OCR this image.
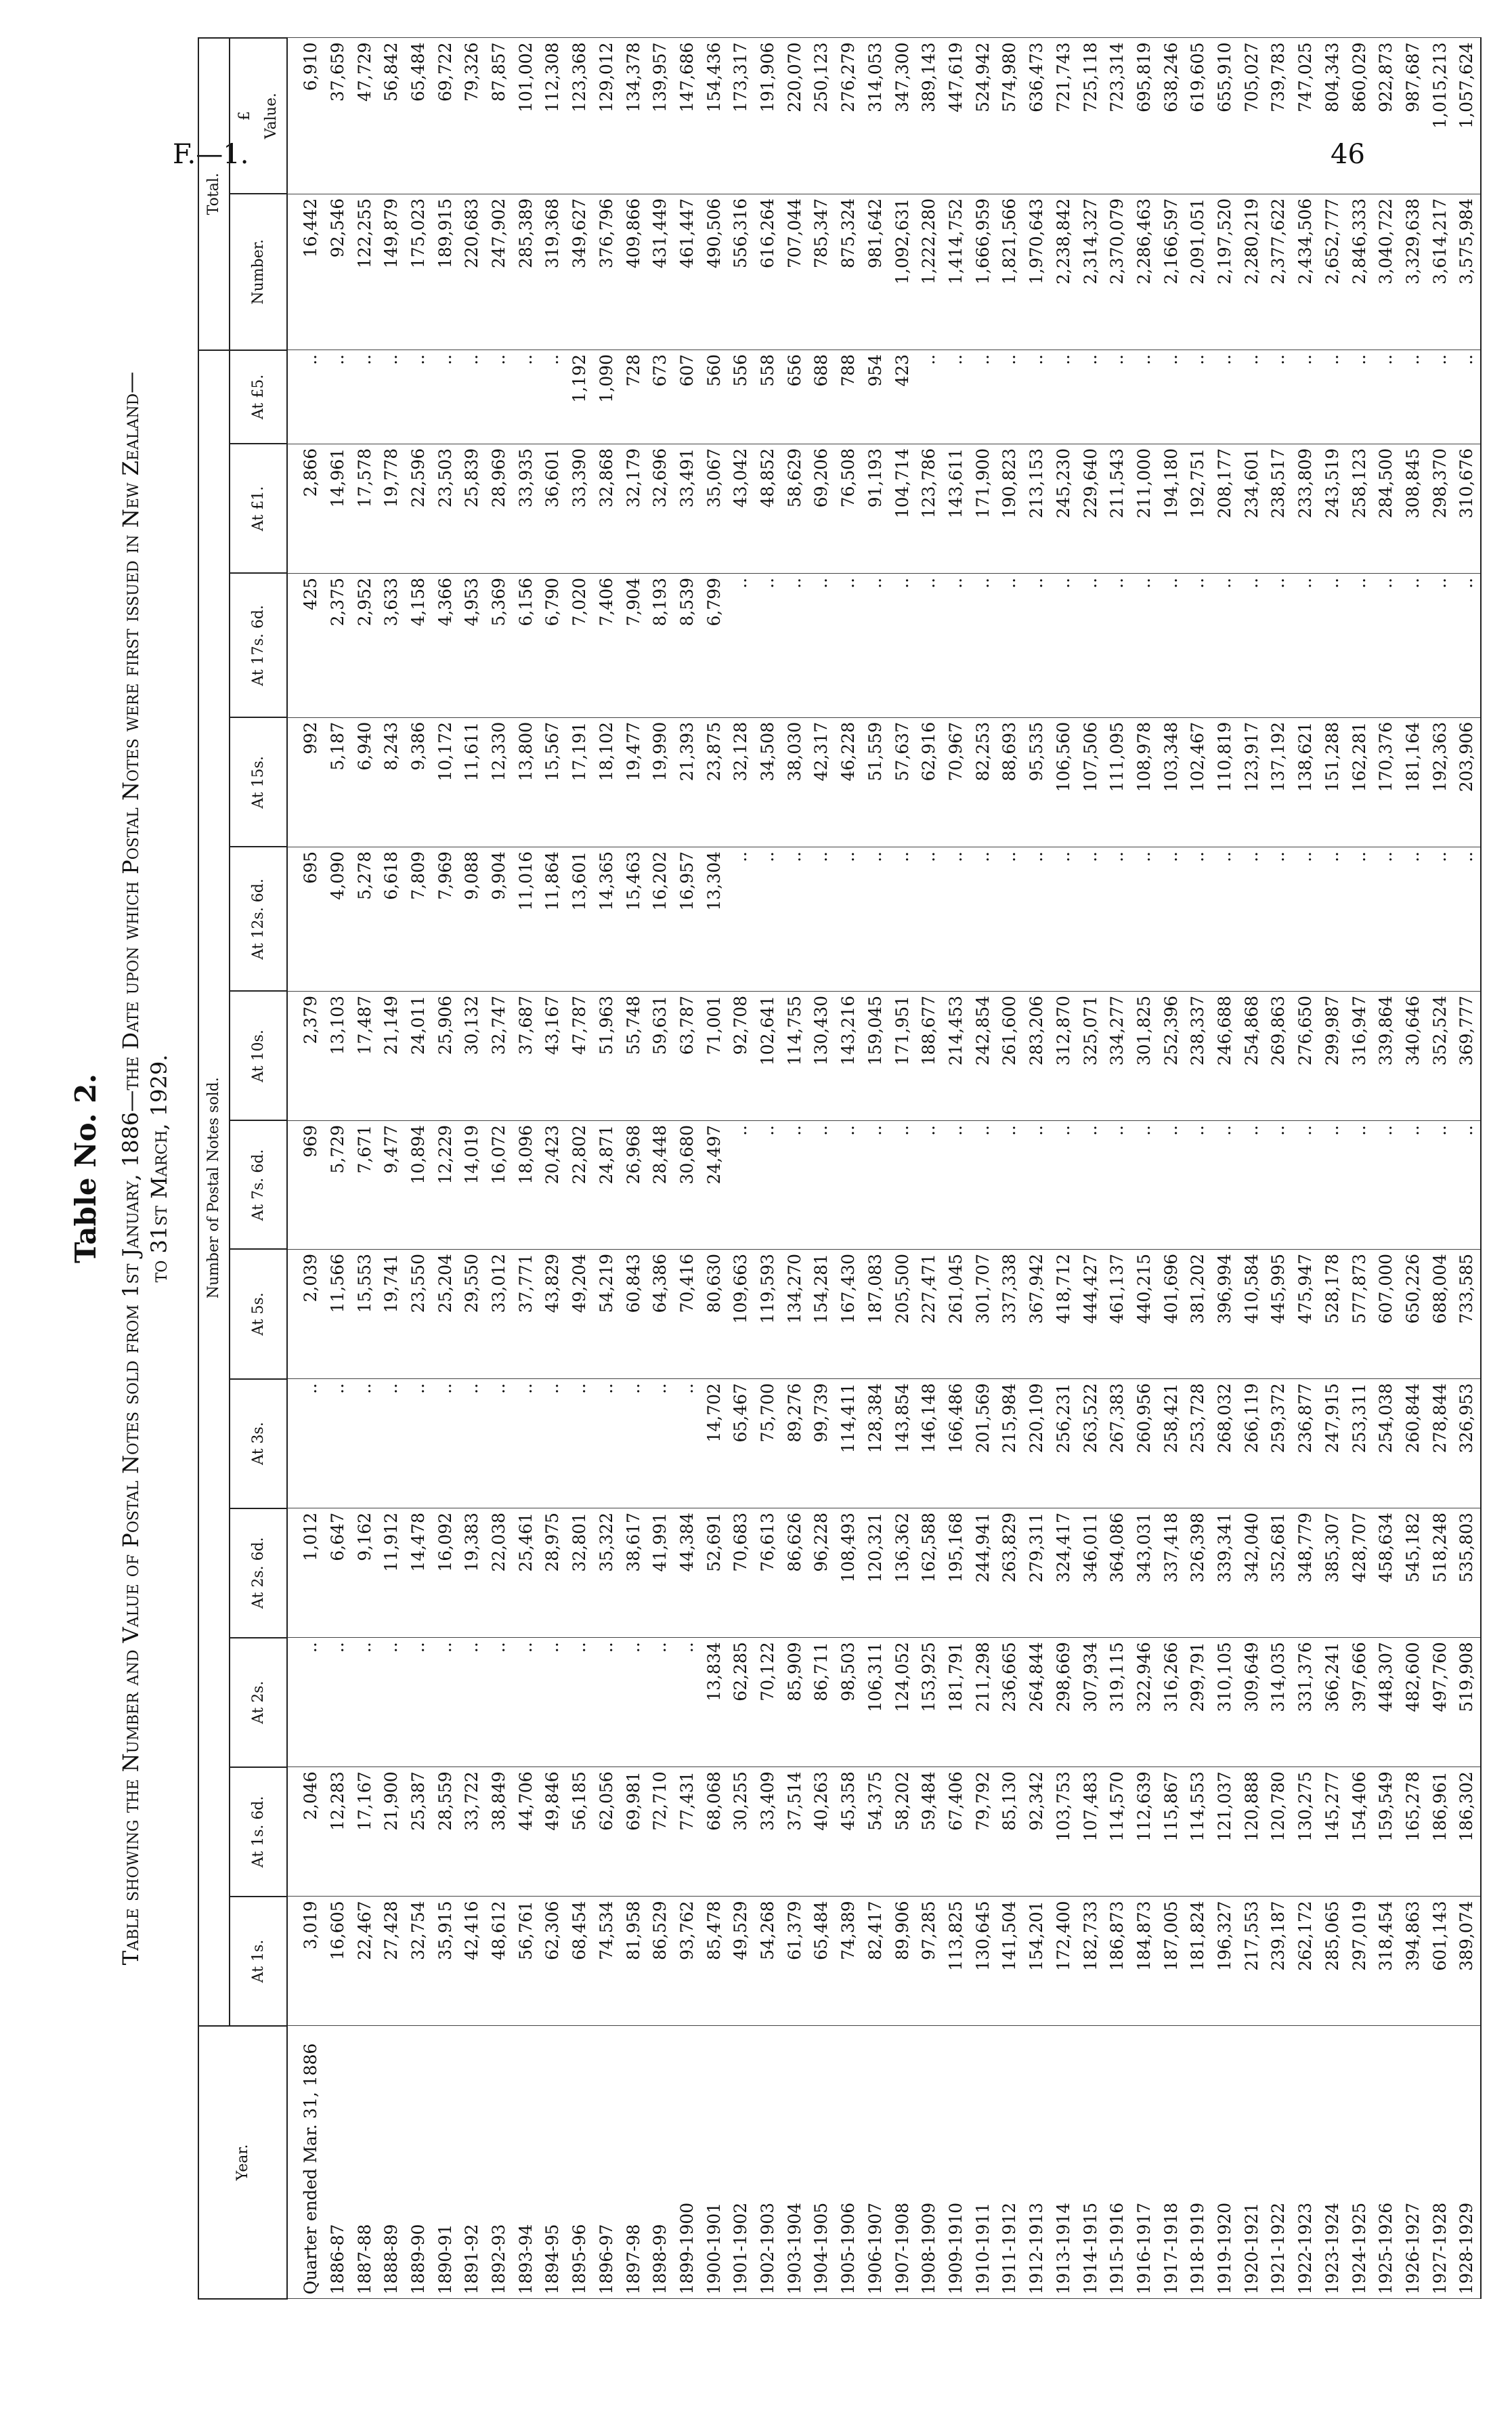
F.—1.	46
Table No. 2. Table showing the Number and Value of Postal Notes sold from 1st January, 1886—the Date upon which Postal Notes were first issued in New Zealand— to 31st March, 1929.
Year.	Number of Postal Notes sold.													Total.	
	At 1s.	At 1s. 6d.	At 2s.	At 2s. 6d.	At 3s.	At 5s.	At 7s. 6d.	At 10s.	At 12s. 6d.	At 15s.	At 17s. 6d.	At £1.	At £5.	Number.	£ Value.
Quarter ended Mar. 31, 1886	3,019	2,046	..	1,012	..	2,039	969	2,379	695	992	425	2,866	..	16,442	6,910
1886-87	16,605	12,283	..	6,647	..	11,566	5,729	13,103	4,090	5,187	2,375	14,961	..	92,546	37,659
1887-88	22,467	17,167	..	9,162	..	15,553	7,671	17,487	5,278	6,940	2,952	17,578	..	122,255	47,729
1888-89	27,428	21,900	..	11,912	..	19,741	9,477	21,149	6,618	8,243	3,633	19,778	..	149,879	56,842
1889-90	32,754	25,387	..	14,478	..	23,550	10,894	24,011	7,809	9,386	4,158	22,596	..	175,023	65,484
1890-91	35,915	28,559	..	16,092	..	25,204	12,229	25,906	7,969	10,172	4,366	23,503	..	189,915	69,722
1891-92	42,416	33,722	..	19,383	..	29,550	14,019	30,132	9,088	11,611	4,953	25,839	..	220,683	79,326
1892-93	48,612	38,849	..	22,038	..	33,012	16,072	32,747	9,904	12,330	5,369	28,969	..	247,902	87,857
1893-94	56,761	44,706	..	25,461	..	37,771	18,096	37,687	11,016	13,800	6,156	33,935	..	285,389	101,002
1894-95	62,306	49,846	..	28,975	..	43,829	20,423	43,167	11,864	15,567	6,790	36,601	..	319,368	112,308
1895-96	68,454	56,185	..	32,801	..	49,204	22,802	47,787	13,601	17,191	7,020	33,390	1,192	349,627	123,368
1896-97	74,534	62,056	..	35,322	..	54,219	24,871	51,963	14,365	18,102	7,406	32,868	1,090	376,796	129,012
1897-98	81,958	69,981	..	38,617	..	60,843	26,968	55,748	15,463	19,477	7,904	32,179	728	409,866	134,378
1898-99	86,529	72,710	..	41,991	..	64,386	28,448	59,631	16,202	19,990	8,193	32,696	673	431,449	139,957
1899-1900	93,762	77,431	..	44,384	..	70,416	30,680	63,787	16,957	21,393	8,539	33,491	607	461,447	147,686
1900-1901	85,478	68,068	13,834	52,691	14,702	80,630	24,497	71,001	13,304	23,875	6,799	35,067	560	490,506	154,436
1901-1902	49,529	30,255	62,285	70,683	65,467	109,663	..	92,708	..	32,128	..	43,042	556	556,316	173,317
1902-1903	54,268	33,409	70,122	76,613	75,700	119,593	..	102,641	..	34,508	..	48,852	558	616,264	191,906
1903-1904	61,379	37,514	85,909	86,626	89,276	134,270	..	114,755	..	38,030	..	58,629	656	707,044	220,070
1904-1905	65,484	40,263	86,711	96,228	99,739	154,281	..	130,430	..	42,317	..	69,206	688	785,347	250,123
1905-1906	74,389	45,358	98,503	108,493	114,411	167,430	..	143,216	..	46,228	..	76,508	788	875,324	276,279
1906-1907	82,417	54,375	106,311	120,321	128,384	187,083	..	159,045	..	51,559	..	91,193	954	981,642	314,053
1907-1908	89,906	58,202	124,052	136,362	143,854	205,500	..	171,951	..	57,637	..	104,714	423	1,092,631	347,300
1908-1909	97,285	59,484	153,925	162,588	146,148	227,471	..	188,677	..	62,916	..	123,786	..	1,222,280	389,143
1909-1910	113,825	67,406	181,791	195,168	166,486	261,045	..	214,453	..	70,967	..	143,611	..	1,414,752	447,619
1910-1911	130,645	79,792	211,298	244,941	201,569	301,707	..	242,854	..	82,253	..	171,900	..	1,666,959	524,942
1911-1912	141,504	85,130	236,665	263,829	215,984	337,338	..	261,600	..	88,693	..	190,823	..	1,821,566	574,980
1912-1913	154,201	92,342	264,844	279,311	220,109	367,942	..	283,206	..	95,535	..	213,153	..	1,970,643	636,473
1913-1914	172,400	103,753	298,669	324,417	256,231	418,712	..	312,870	..	106,560	..	245,230	..	2,238,842	721,743
1914-1915	182,733	107,483	307,934	346,011	263,522	444,427	..	325,071	..	107,506	..	229,640	..	2,314,327	725,118
1915-1916	186,873	114,570	319,115	364,086	267,383	461,137	..	334,277	..	111,095	..	211,543	..	2,370,079	723,314
1916-1917	184,873	112,639	322,946	343,031	260,956	440,215	..	301,825	..	108,978	..	211,000	..	2,286,463	695,819
1917-1918	187,005	115,867	316,266	337,418	258,421	401,696	..	252,396	..	103,348	..	194,180	..	2,166,597	638,246
1918-1919	181,824	114,553	299,791	326,398	253,728	381,202	..	238,337	..	102,467	..	192,751	..	2,091,051	619,605
1919-1920	196,327	121,037	310,105	339,341	268,032	396,994	..	246,688	..	110,819	..	208,177	..	2,197,520	655,910
1920-1921	217,553	120,888	309,649	342,040	266,119	410,584	..	254,868	..	123,917	..	234,601	..	2,280,219	705,027
1921-1922	239,187	120,780	314,035	352,681	259,372	445,995	..	269,863	..	137,192	..	238,517	..	2,377,622	739,783
1922-1923	262,172	130,275	331,376	348,779	236,877	475,947	..	276,650	..	138,621	..	233,809	..	2,434,506	747,025
1923-1924	285,065	145,277	366,241	385,307	247,915	528,178	..	299,987	..	151,288	..	243,519	..	2,652,777	804,343
1924-1925	297,019	154,406	397,666	428,707	253,311	577,873	..	316,947	..	162,281	..	258,123	..	2,846,333	860,029
1925-1926	318,454	159,549	448,307	458,634	254,038	607,000	..	339,864	..	170,376	..	284,500	..	3,040,722	922,873
1926-1927	394,863	165,278	482,600	545,182	260,844	650,226	..	340,646	..	181,164	..	308,845	..	3,329,638	987,687
1927-1928	601,143	186,961	497,760	518,248	278,844	688,004	..	352,524	..	192,363	..	298,370	..	3,614,217	1,015,213
1928-1929	389,074	186,302	519,908	535,803	326,953	733,585	..	369,777	..	203,906	..	310,676	..	3,575,984	1,057,624
